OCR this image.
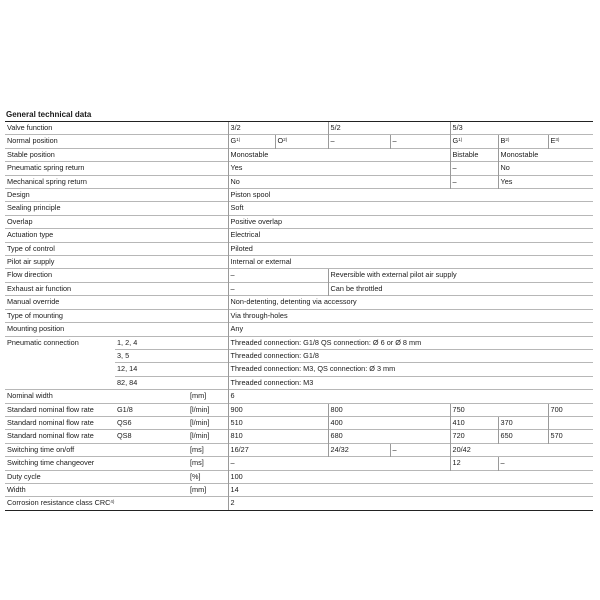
General technical data
Valve function			3/2		5/2		5/3		
Normal position			$G^{1)}$	$O^{2)}$	–	–	$G^{1)}$	$B^{2)}$	$E^{3)}$
Stable position			Monostable				Bistable	Monostable	
Pneumatic spring return			Yes				–	No	
Mechanical spring return			No				–	Yes	
Design			Piston spool						
Sealing principle			Soft						
Overlap			Positive overlap						
Actuation type			Electrical						
Type of control			Piloted						
Pilot air supply			Internal or external						
Flow direction			–		Reversible with external pilot air supply				
Exhaust air function			–		Can be throttled				
Manual override			Non-detenting, detenting via accessory						
Type of mounting			Via through-holes						
Mounting position			Any						
Pneumatic connection	1, 2, 4		Threaded connection: G1/8 QS connection: Ø 6 or Ø 8 mm						
	3, 5		Threaded connection: G1/8						
	12, 14		Threaded connection: M3, QS connection: Ø 3 mm						
	82, 84		Threaded connection: M3						
Nominal width		[mm]	6						
Standard nominal flow rate	G1/8	[l/min]	900		800		750		700
Standard nominal flow rate	QS6	[l/min]	510		400		410	370	
Standard nominal flow rate	QS8	[l/min]	810		680		720	650	570
Switching time on/off		[ms]	16/27		24/32	–	20/42		
Switching time changeover		[ms]	–				12	–	
Duty cycle		[%]	100						
Width		[mm]	14						
Corrosion resistance class CRC$^{4)}$			2						
